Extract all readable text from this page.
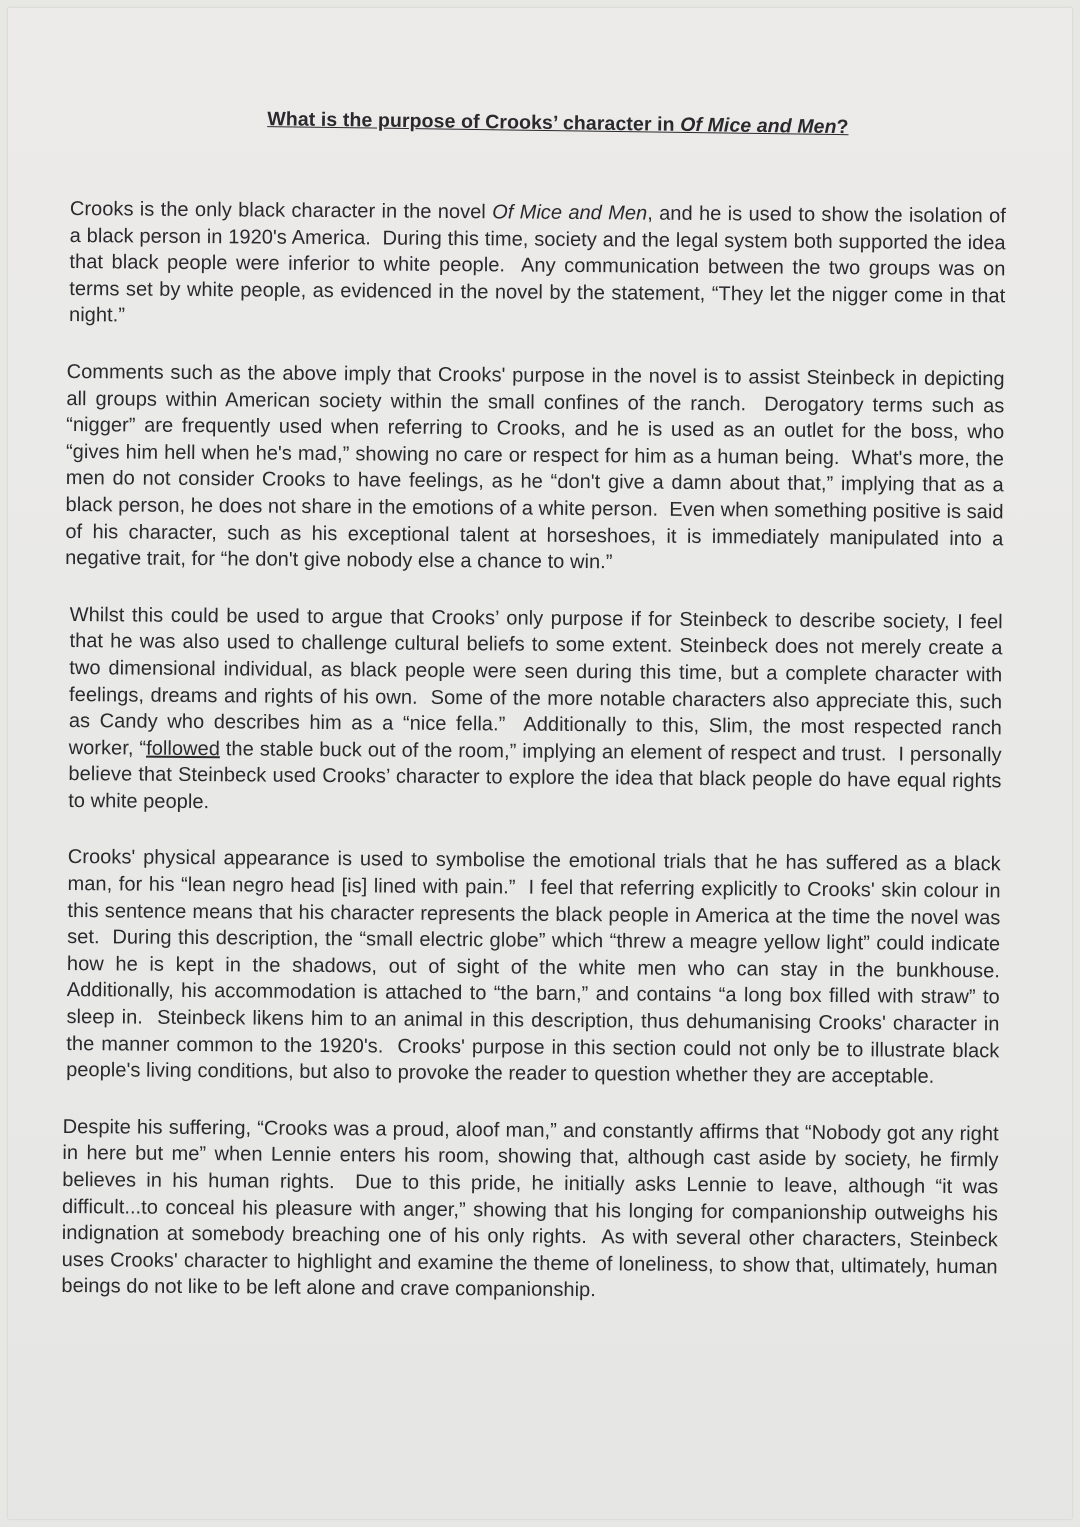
What is the purpose of Crooks’ character in Of Mice and Men?

Crooks is the only black character in the novel Of Mice and Men, and he is used to show the isolation of a black person in 1920's America.  During this time, society and the legal system both supported the idea that black people were inferior to white people.  Any communication between the two groups was on terms set by white people, as evidenced in the novel by the statement, “They let the nigger come in that night.”

Comments such as the above imply that Crooks' purpose in the novel is to assist Steinbeck in depicting all groups within American society within the small confines of the ranch.  Derogatory terms such as “nigger” are frequently used when referring to Crooks, and he is used as an outlet for the boss, who “gives him hell when he's mad,” showing no care or respect for him as a human being.  What's more, the men do not consider Crooks to have feelings, as he “don't give a damn about that,” implying that as a black person, he does not share in the emotions of a white person.  Even when something positive is said of his character, such as his exceptional talent at horseshoes, it is immediately manipulated into a negative trait, for “he don't give nobody else a chance to win.”

Whilst this could be used to argue that Crooks’ only purpose if for Steinbeck to describe society, I feel that he was also used to challenge cultural beliefs to some extent. Steinbeck does not merely create a two dimensional individual, as black people were seen during this time, but a complete character with feelings, dreams and rights of his own.  Some of the more notable characters also appreciate this, such as Candy who describes him as a “nice fella.”  Additionally to this, Slim, the most respected ranch worker, “followed the stable buck out of the room,” implying an element of respect and trust.  I personally believe that Steinbeck used Crooks’ character to explore the idea that black people do have equal rights to white people.

Crooks' physical appearance is used to symbolise the emotional trials that he has suffered as a black man, for his “lean negro head [is] lined with pain.”  I feel that referring explicitly to Crooks' skin colour in this sentence means that his character represents the black people in America at the time the novel was set.  During this description, the “small electric globe” which “threw a meagre yellow light” could indicate how he is kept in the shadows, out of sight of the white men who can stay in the bunkhouse.  Additionally, his accommodation is attached to “the barn,” and contains “a long box filled with straw” to sleep in.  Steinbeck likens him to an animal in this description, thus dehumanising Crooks' character in the manner common to the 1920's.  Crooks' purpose in this section could not only be to illustrate black people's living conditions, but also to provoke the reader to question whether they are acceptable.

Despite his suffering, “Crooks was a proud, aloof man,” and constantly affirms that “Nobody got any right in here but me” when Lennie enters his room, showing that, although cast aside by society, he firmly believes in his human rights.  Due to this pride, he initially asks Lennie to leave, although “it was difficult...to conceal his pleasure with anger,” showing that his longing for companionship outweighs his indignation at somebody breaching one of his only rights.  As with several other characters, Steinbeck uses Crooks' character to highlight and examine the theme of loneliness, to show that, ultimately, human beings do not like to be left alone and crave companionship.
